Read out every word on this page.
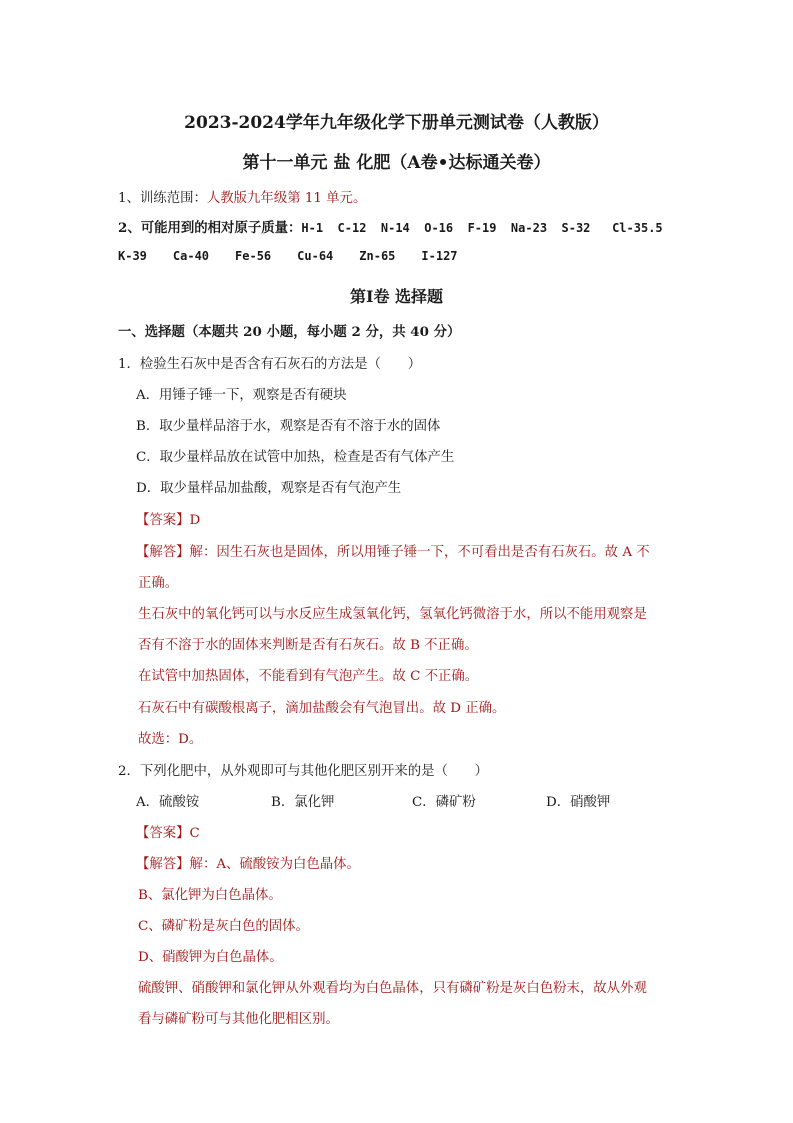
2023-2024学年九年级化学下册单元测试卷（人教版）
第十一单元 盐 化肥（A卷•达标通关卷）
1、训练范围：人教版九年级第 11 单元。
2、可能用到的相对原子质量：H-1  C-12  N-14  O-16  F-19  Na-23  S-32   Cl-35.5
K-39 Ca-40 Fe-56 Cu-64 Zn-65 I-127
第Ⅰ卷 选择题
一、选择题（本题共 20 小题，每小题 2 分，共 40 分）
1．检验生石灰中是否含有石灰石的方法是（　　）
A．用锤子锤一下，观察是否有硬块
B．取少量样品溶于水，观察是否有不溶于水的固体
C．取少量样品放在试管中加热，检查是否有气体产生
D．取少量样品加盐酸，观察是否有气泡产生
【答案】D
【解答】解：因生石灰也是固体，所以用锤子锤一下，不可看出是否有石灰石。故 A 不
正确。
生石灰中的氧化钙可以与水反应生成氢氧化钙，氢氧化钙微溶于水，所以不能用观察是
否有不溶于水的固体来判断是否有石灰石。故 B 不正确。
在试管中加热固体，不能看到有气泡产生。故 C 不正确。
石灰石中有碳酸根离子，滴加盐酸会有气泡冒出。故 D 正确。
故选：D。
2．下列化肥中，从外观即可与其他化肥区别开来的是（　　）
A．硫酸铵	B．氯化钾	C．磷矿粉	D．硝酸钾
【答案】C
【解答】解：A、硫酸铵为白色晶体。
B、氯化钾为白色晶体。
C、磷矿粉是灰白色的固体。
D、硝酸钾为白色晶体。
硫酸钾、硝酸钾和氯化钾从外观看均为白色晶体，只有磷矿粉是灰白色粉末，故从外观
看与磷矿粉可与其他化肥相区别。
